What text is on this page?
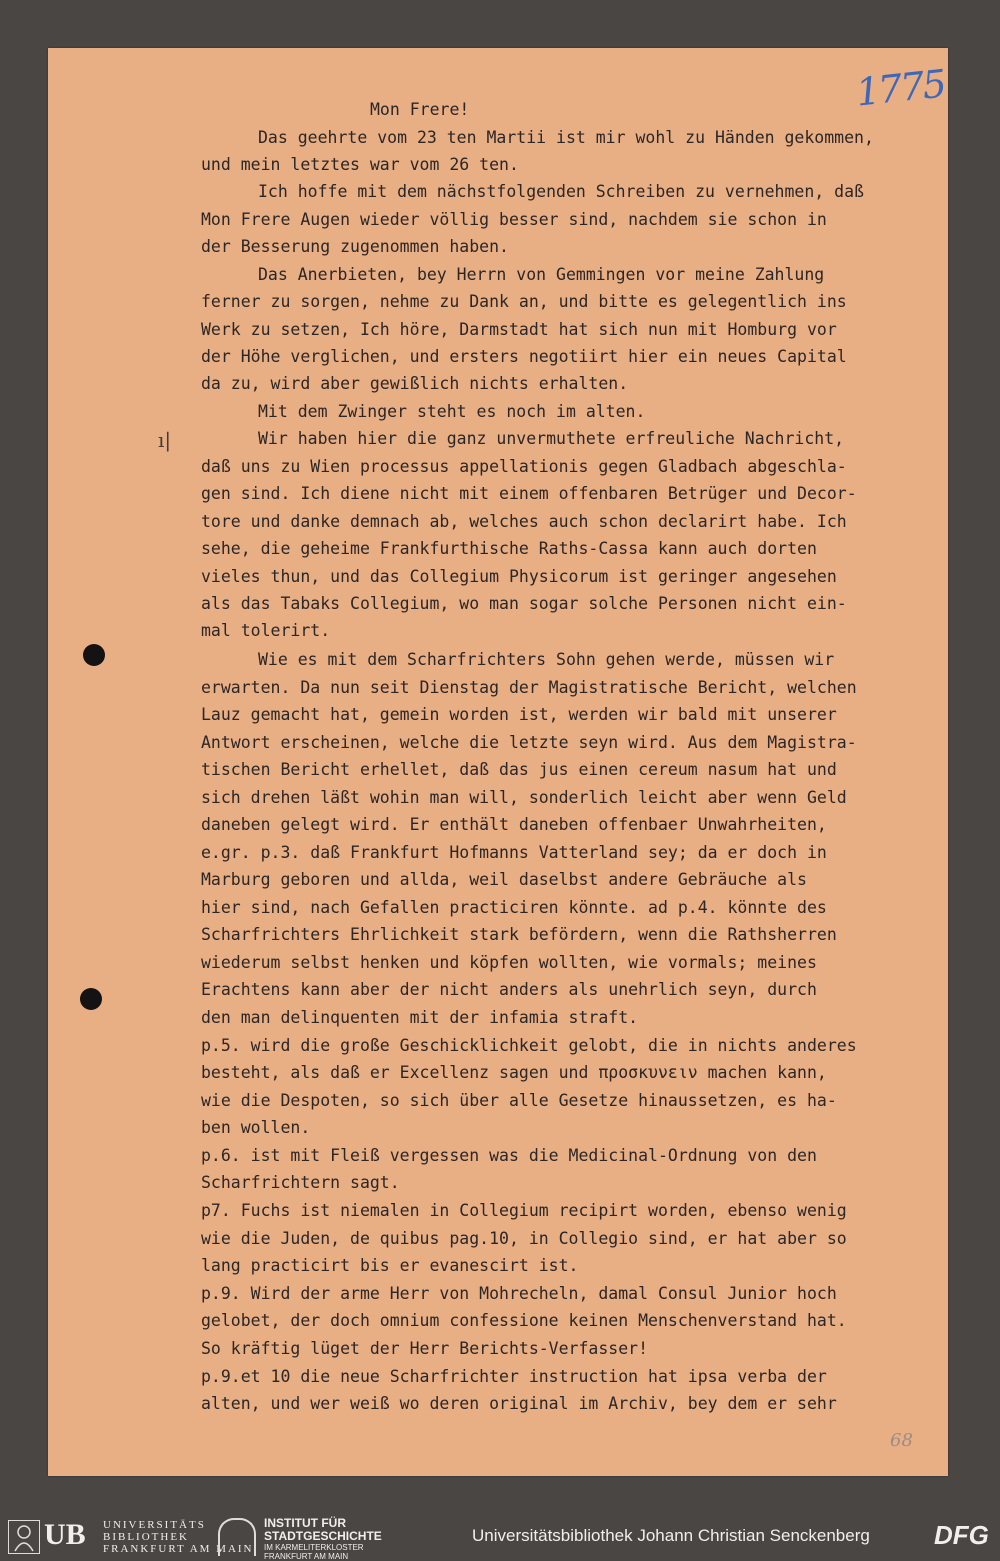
1775
68
ı|
Mon Frere!
Das geehrte vom 23 ten Martii ist mir wohl zu Händen gekommen,
und mein letztes war vom 26 ten.
Ich hoffe mit dem nächstfolgenden Schreiben zu vernehmen, daß
Mon Frere Augen wieder völlig besser sind, nachdem sie schon in
der Besserung zugenommen haben.
Das Anerbieten, bey Herrn von Gemmingen vor meine Zahlung
ferner zu sorgen, nehme zu Dank an, und bitte es gelegentlich ins
Werk zu setzen, Ich höre, Darmstadt hat sich nun mit Homburg vor
der Höhe verglichen, und ersters negotiirt hier ein neues Capital
da zu, wird aber gewißlich nichts erhalten.
Mit dem Zwinger steht es noch im alten.
Wir haben hier die ganz unvermuthete erfreuliche Nachricht,
daß uns zu Wien processus appellationis gegen Gladbach abgeschla-
gen sind. Ich diene nicht mit einem offenbaren Betrüger und Decor-
tore und danke demnach ab, welches auch schon declarirt habe. Ich
sehe, die geheime Frankfurthische Raths-Cassa kann auch dorten
vieles thun, und das Collegium Physicorum ist geringer angesehen
als das Tabaks Collegium, wo man sogar solche Personen nicht ein-
mal tolerirt.
Wie es mit dem Scharfrichters Sohn gehen werde, müssen wir
erwarten. Da nun seit Dienstag der Magistratische Bericht, welchen
Lauz gemacht hat, gemein worden ist, werden wir bald mit unserer
Antwort erscheinen, welche die letzte seyn wird. Aus dem Magistra-
tischen Bericht erhellet, daß das jus einen cereum nasum hat und
sich drehen läßt wohin man will, sonderlich leicht aber wenn Geld
daneben gelegt wird. Er enthält daneben offenbaer Unwahrheiten,
e.gr. p.3. daß Frankfurt Hofmanns Vatterland sey; da er doch in
Marburg geboren und allda, weil daselbst andere Gebräuche als
hier sind, nach Gefallen practiciren könnte. ad p.4. könnte des
Scharfrichters Ehrlichkeit stark befördern, wenn die Rathsherren
wiederum selbst henken und köpfen wollten, wie vormals; meines
Erachtens kann aber der nicht anders als unehrlich seyn, durch
den man delinquenten mit der infamia straft.
p.5. wird die große Geschicklichkeit gelobt, die in nichts anderes
besteht, als daß er Excellenz sagen und προσκυνειν machen kann,
wie die Despoten, so sich über alle Gesetze hinaussetzen, es ha-
ben wollen.
p.6. ist mit Fleiß vergessen was die Medicinal-Ordnung von den
Scharfrichtern sagt.
p7. Fuchs ist niemalen in Collegium recipirt worden, ebenso wenig
wie die Juden, de quibus pag.10, in Collegio sind, er hat aber so
lang practicirt bis er evanescirt ist.
p.9. Wird der arme Herr von Mohrecheln, damal Consul Junior hoch
gelobet, der doch omnium confessione keinen Menschenverstand hat.
So kräftig lüget der Herr Berichts-Verfasser!
p.9.et 10 die neue Scharfrichter instruction hat ipsa verba der
alten, und wer weiß wo deren original im Archiv, bey dem er sehr
UB UNIVERSITÄTS
BIBLIOTHEK
FRANKFURT AM MAIN
INSTITUT FÜR
STADTGESCHICHTE
IM KARMELITERKLOSTER
FRANKFURT AM MAIN
Universitätsbibliothek Johann Christian Senckenberg DFG
